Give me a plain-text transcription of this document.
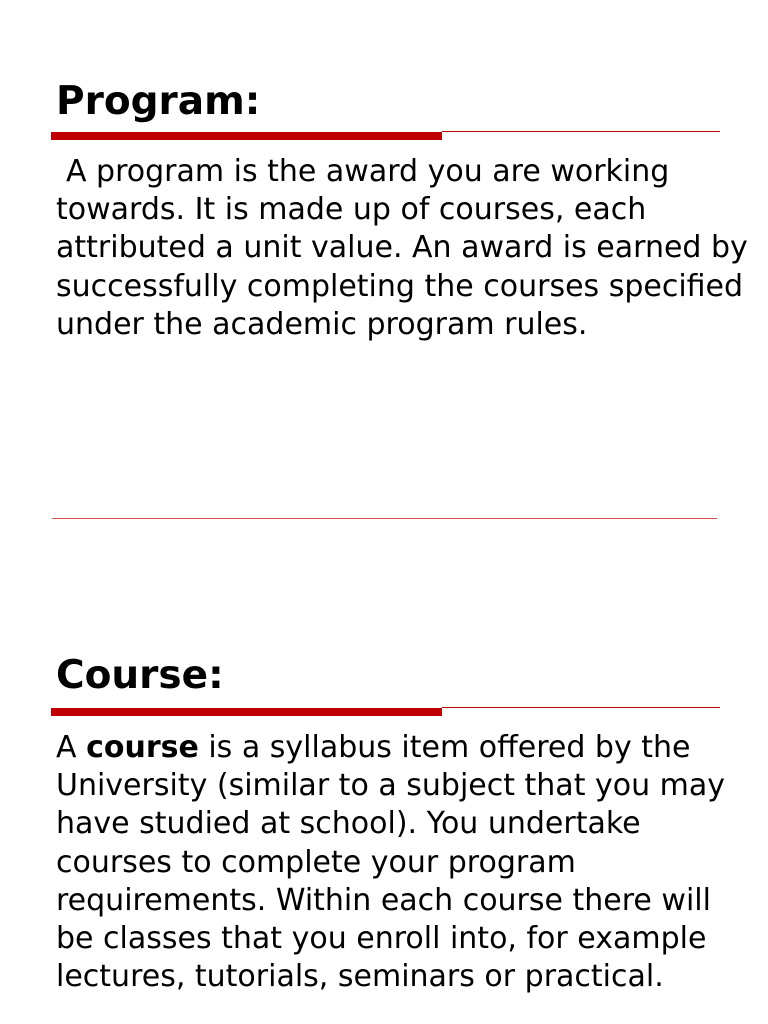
Program:

A program is the award you are working towards. It is made up of courses, each attributed a unit value. An award is earned by successfully completing the courses specified under the academic program rules.

Course:

A course is a syllabus item offered by the University (similar to a subject that you may have studied at school). You undertake courses to complete your program requirements. Within each course there will be classes that you enroll into, for example lectures, tutorials, seminars or practical.
